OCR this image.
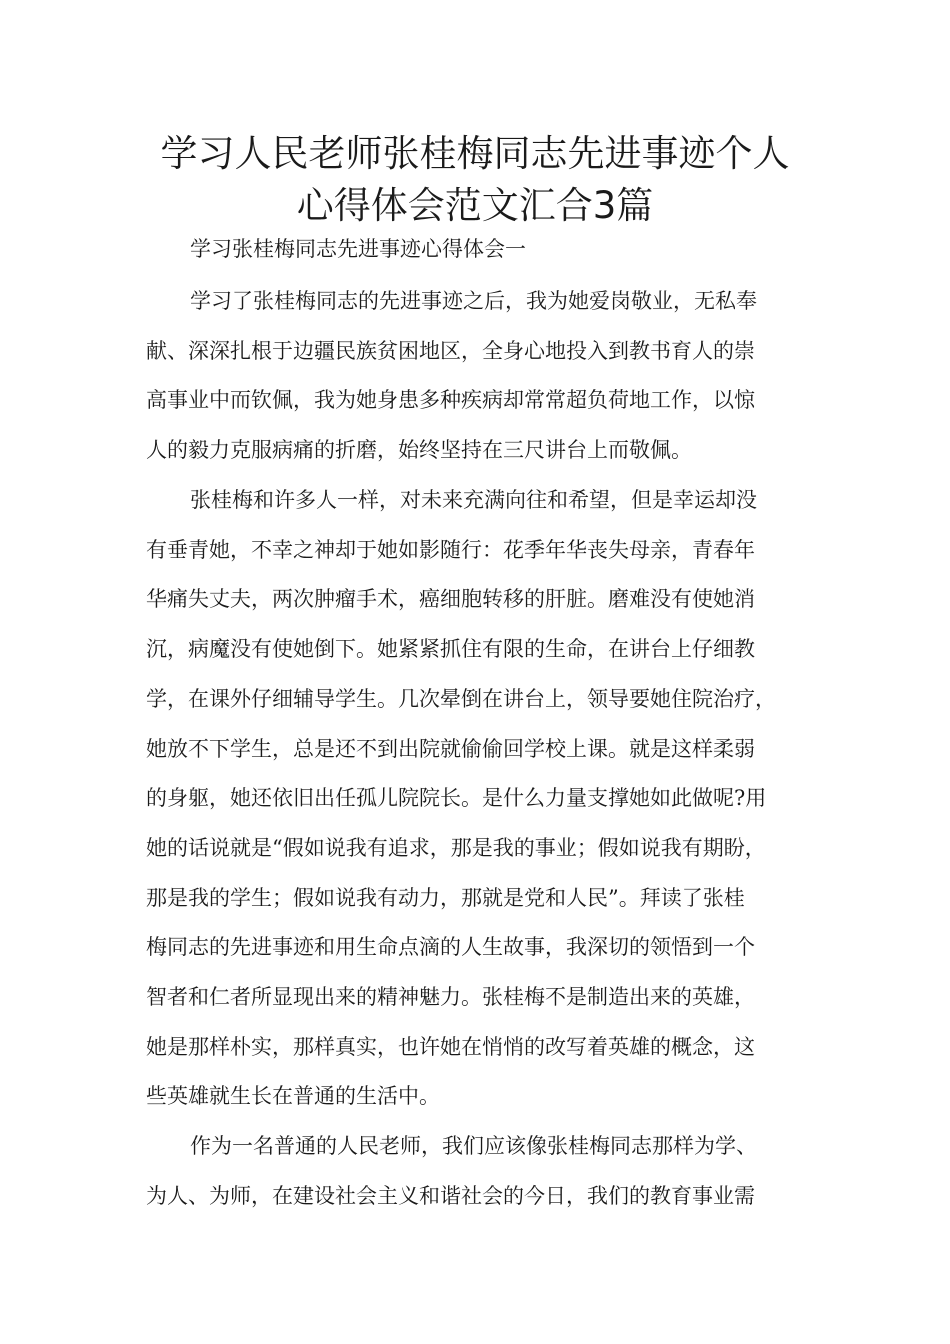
学习人民老师张桂梅同志先进事迹个人
心得体会范文汇合3篇

学习张桂梅同志先进事迹心得体会一

学习了张桂梅同志的先进事迹之后，我为她爱岗敬业，无私奉

献、深深扎根于边疆民族贫困地区，全身心地投入到教书育人的崇

高事业中而钦佩，我为她身患多种疾病却常常超负荷地工作，以惊

人的毅力克服病痛的折磨，始终坚持在三尺讲台上而敬佩。

张桂梅和许多人一样，对未来充满向往和希望，但是幸运却没

有垂青她，不幸之神却于她如影随行：花季年华丧失母亲，青春年

华痛失丈夫，两次肿瘤手术，癌细胞转移的肝脏。磨难没有使她消

沉，病魔没有使她倒下。她紧紧抓住有限的生命，在讲台上仔细教

学，在课外仔细辅导学生。几次晕倒在讲台上，领导要她住院治疗，

她放不下学生，总是还不到出院就偷偷回学校上课。就是这样柔弱

的身躯，她还依旧出任孤儿院院长。是什么力量支撑她如此做呢?用

她的话说就是“假如说我有追求，那是我的事业；假如说我有期盼，

那是我的学生；假如说我有动力，那就是党和人民”。拜读了张桂

梅同志的先进事迹和用生命点滴的人生故事，我深切的领悟到一个

智者和仁者所显现出来的精神魅力。张桂梅不是制造出来的英雄，

她是那样朴实，那样真实，也许她在悄悄的改写着英雄的概念，这

些英雄就生长在普通的生活中。

作为一名普通的人民老师，我们应该像张桂梅同志那样为学、

为人、为师，在建设社会主义和谐社会的今日，我们的教育事业需
